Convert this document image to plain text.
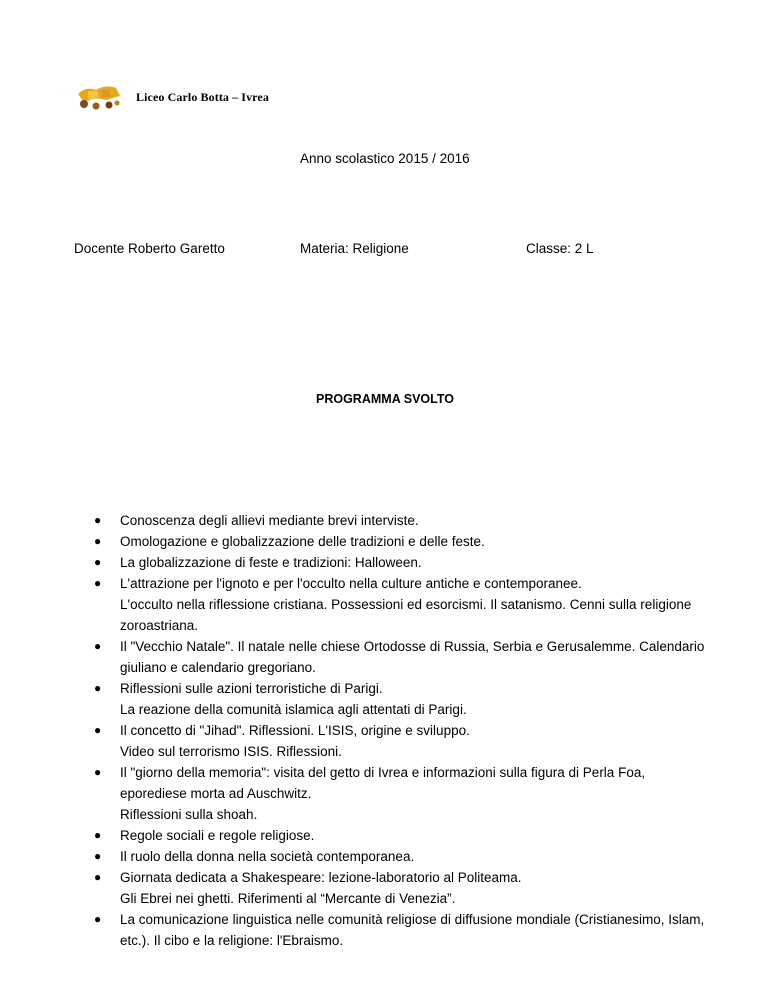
Liceo Carlo Botta – Ivrea
Anno scolastico 2015 / 2016
Docente Roberto Garetto	Materia: Religione	Classe: 2 L
PROGRAMMA SVOLTO
●	Conoscenza degli allievi mediante brevi interviste.
●	Omologazione e globalizzazione delle tradizioni e delle feste.
●	La globalizzazione di feste e tradizioni: Halloween.
●	L'attrazione per l'ignoto e per l'occulto nella culture antiche e contemporanee.
L'occulto nella riflessione cristiana. Possessioni ed esorcismi. Il satanismo. Cenni sulla religione
zoroastriana.
●	Il "Vecchio Natale". Il natale nelle chiese Ortodosse di Russia, Serbia e Gerusalemme. Calendario
giuliano e calendario gregoriano.
●	Riflessioni sulle azioni terroristiche di Parigi.
La reazione della comunità islamica agli attentati di Parigi.
●	Il concetto di "Jihad". Riflessioni. L'ISIS, origine e sviluppo.
Video sul terrorismo ISIS. Riflessioni.
●	Il "giorno della memoria": visita del getto di Ivrea e informazioni sulla figura di Perla Foa,
eporediese morta ad Auschwitz.
Riflessioni sulla shoah.
●	Regole sociali e regole religiose.
●	Il ruolo della donna nella società contemporanea.
●	Giornata dedicata a Shakespeare: lezione-laboratorio al Politeama.
Gli Ebrei nei ghetti. Riferimenti al “Mercante di Venezia”.
●	La comunicazione linguistica nelle comunità religiose di diffusione mondiale (Cristianesimo, Islam,
etc.). Il cibo e la religione: l'Ebraismo.
